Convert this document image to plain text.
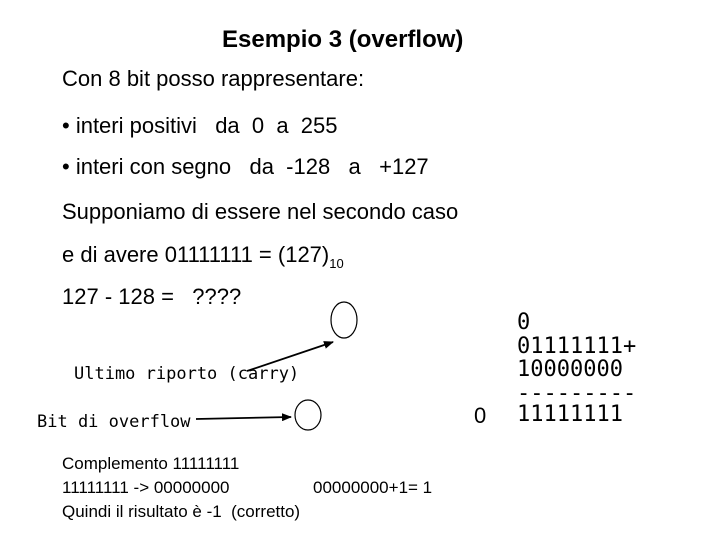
Esempio 3 (overflow)
Con 8 bit posso rappresentare:
• interi positivi   da  0  a  255
• interi con segno   da  -128   a   +127
Supponiamo di essere nel secondo caso
e di avere $01111111 = (127)_{10}$
127 - 128 =   ????
0
01111111+
10000000
---------
11111111
0
Ultimo riporto (carry)
Bit di overflow
Complemento 11111111
11111111 -> 00000000	00000000+1= 1
Quindi il risultato è -1  (corretto)
